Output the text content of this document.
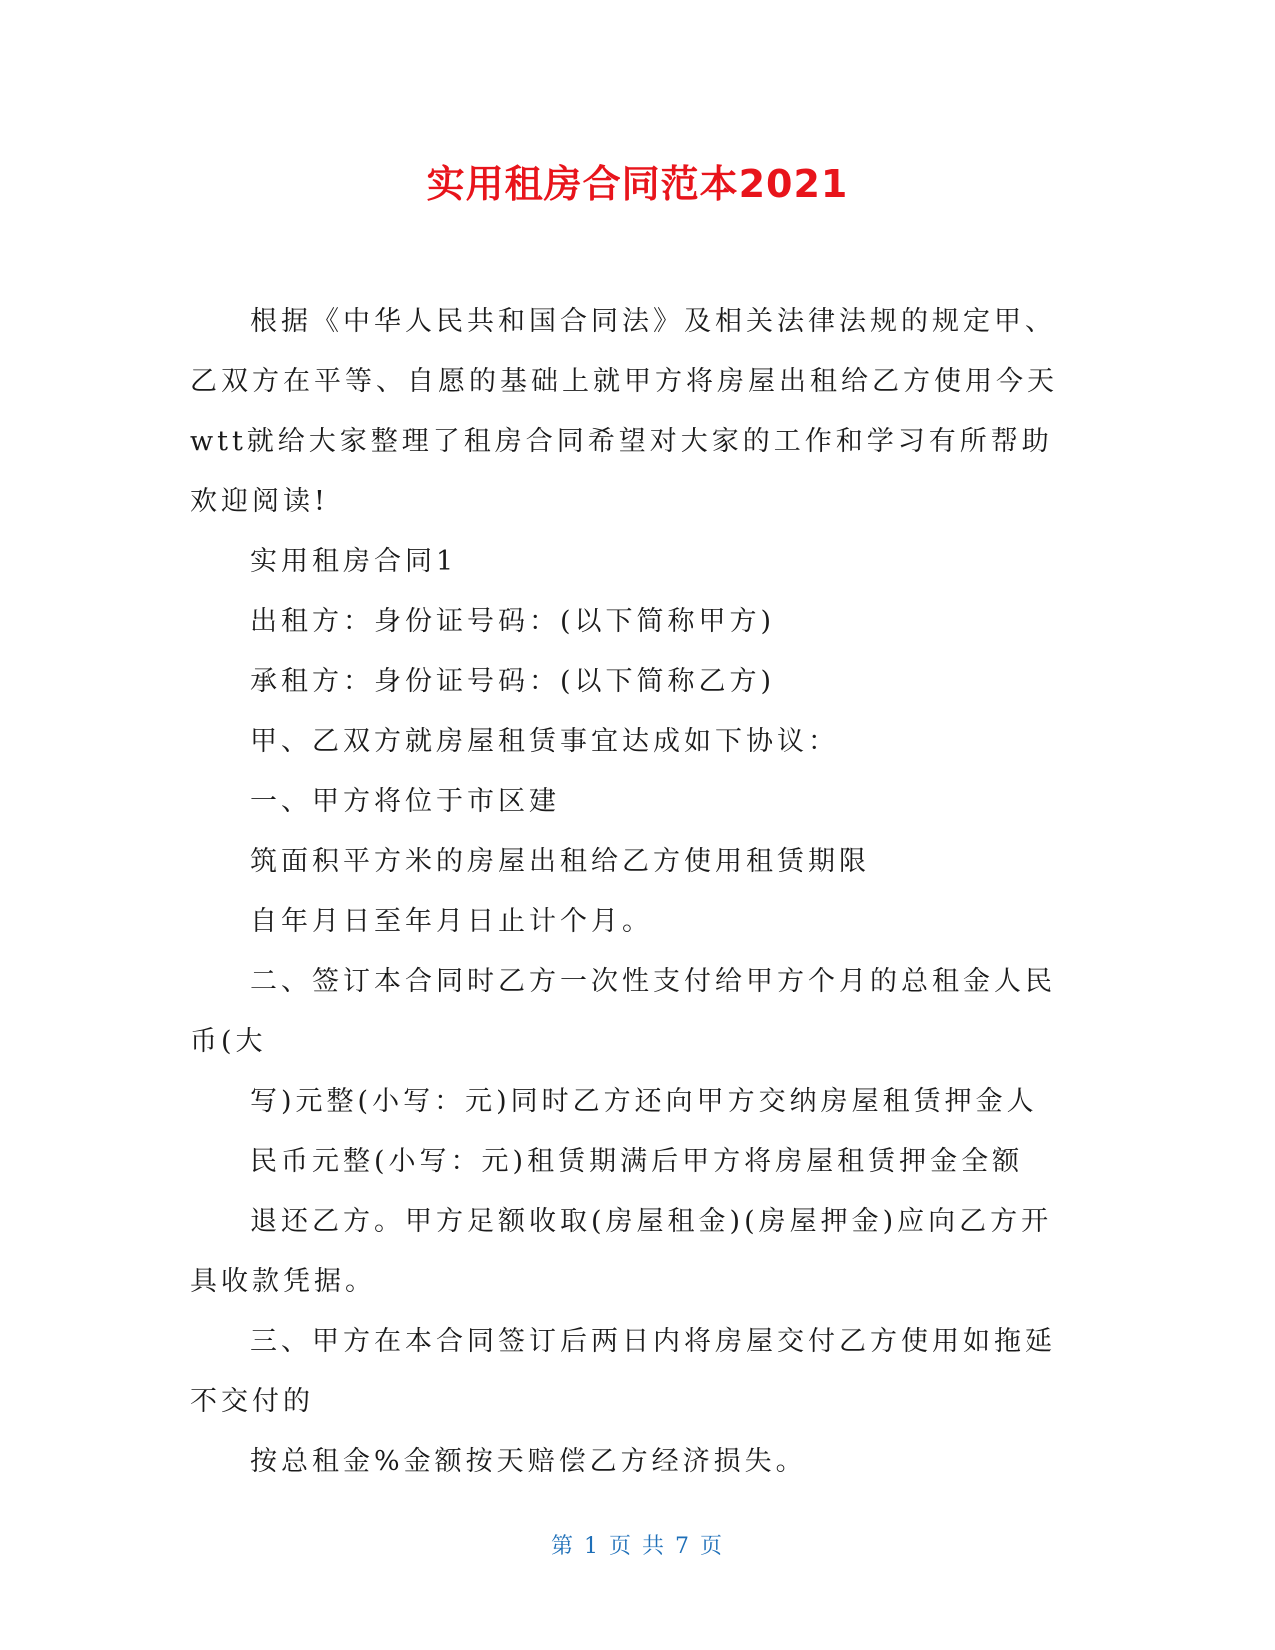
实用租房合同范本2021

根据《中华人民共和国合同法》及相关法律法规的规定甲、乙双方在平等、自愿的基础上就甲方将房屋出租给乙方使用今天wtt就给大家整理了租房合同希望对大家的工作和学习有所帮助欢迎阅读!

实用租房合同1

出租方：身份证号码：(以下简称甲方)

承租方：身份证号码：(以下简称乙方)

甲、乙双方就房屋租赁事宜达成如下协议：

一、甲方将位于市区建

筑面积平方米的房屋出租给乙方使用租赁期限

自年月日至年月日止计个月。

二、签订本合同时乙方一次性支付给甲方个月的总租金人民币(大

写)元整(小写：元)同时乙方还向甲方交纳房屋租赁押金人

民币元整(小写：元)租赁期满后甲方将房屋租赁押金全额

退还乙方。甲方足额收取(房屋租金)(房屋押金)应向乙方开具收款凭据。

三、甲方在本合同签订后两日内将房屋交付乙方使用如拖延不交付的

按总租金%金额按天赔偿乙方经济损失。

第 1 页 共 7 页
